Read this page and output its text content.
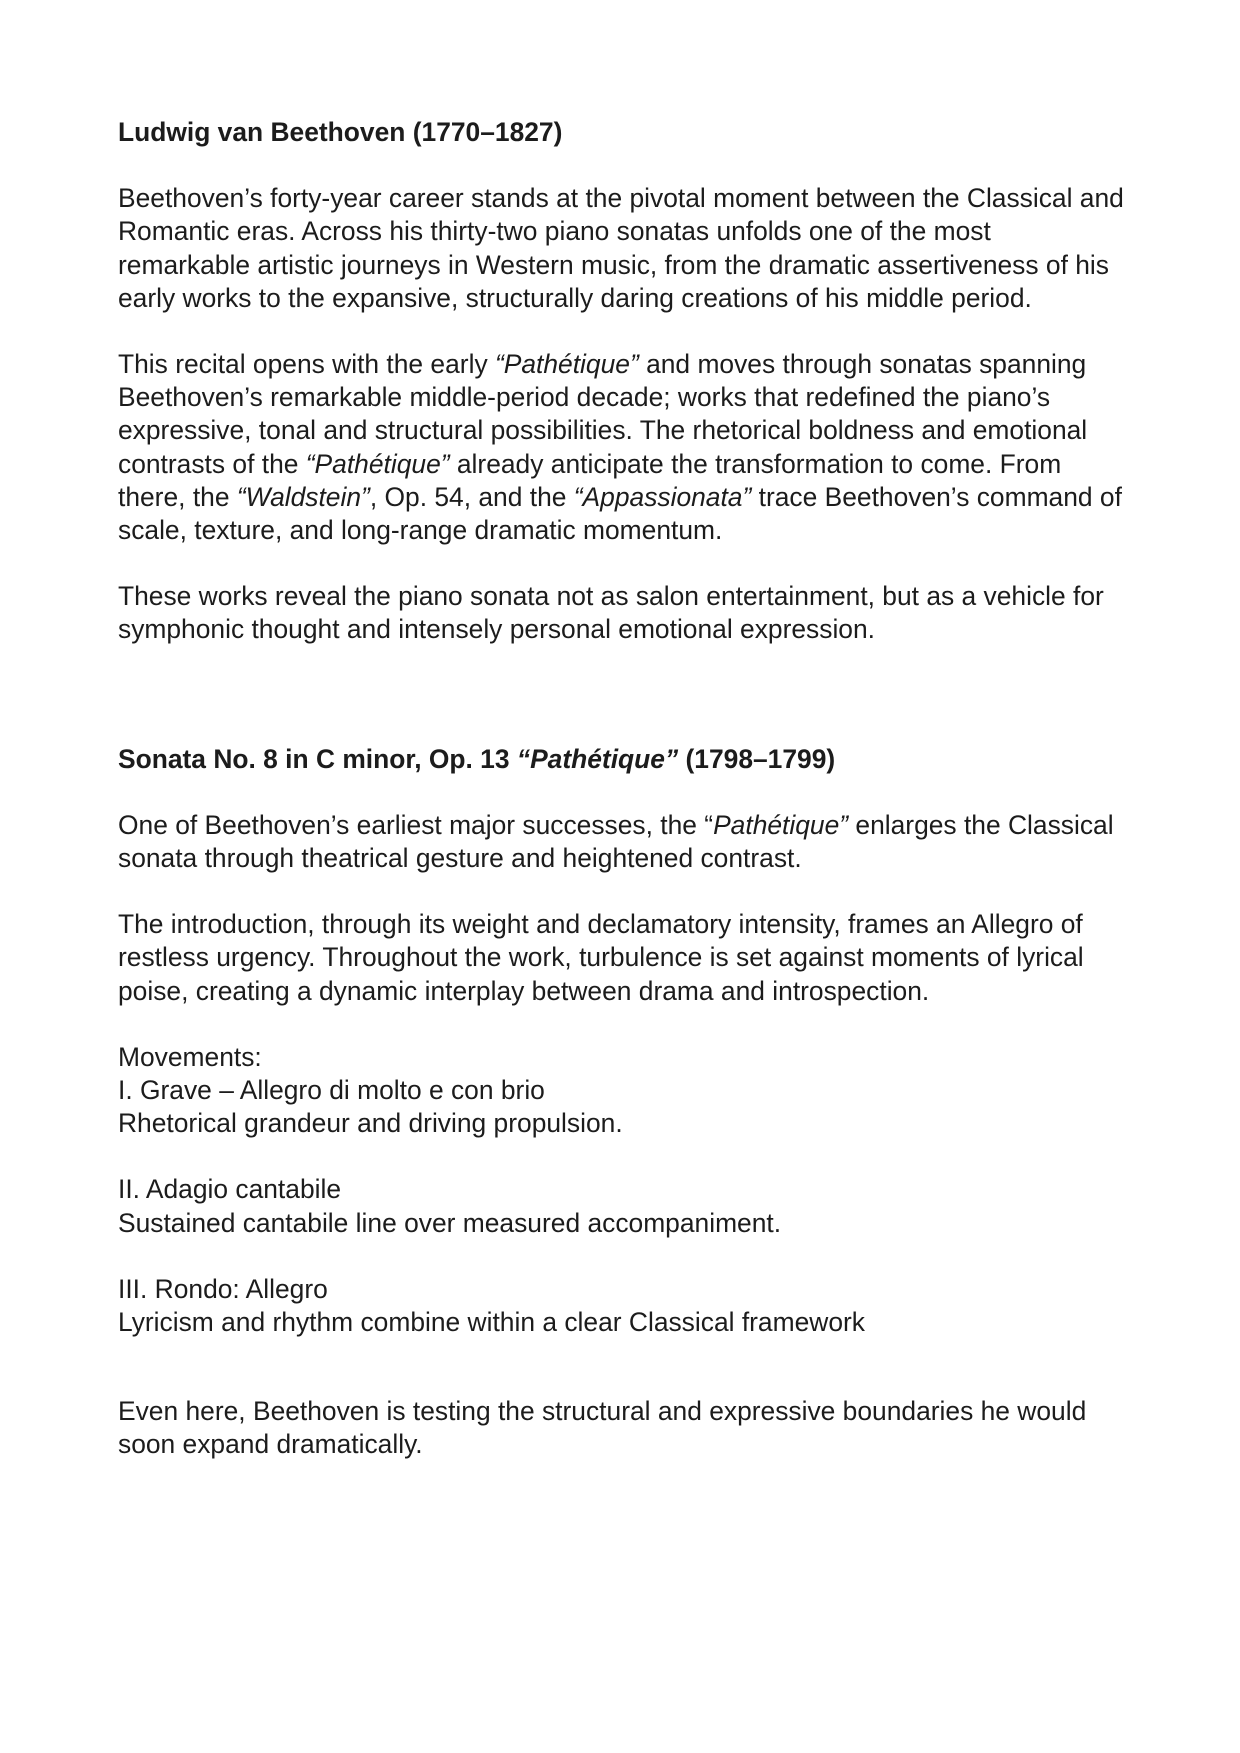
Ludwig van Beethoven (1770–1827)

Beethoven’s forty-year career stands at the pivotal moment between the Classical and Romantic eras. Across his thirty-two piano sonatas unfolds one of the most remarkable artistic journeys in Western music, from the dramatic assertiveness of his early works to the expansive, structurally daring creations of his middle period.

This recital opens with the early “Pathétique” and moves through sonatas spanning Beethoven’s remarkable middle-period decade; works that redefined the piano’s expressive, tonal and structural possibilities. The rhetorical boldness and emotional contrasts of the “Pathétique” already anticipate the transformation to come. From there, the “Waldstein”, Op. 54, and the “Appassionata” trace Beethoven’s command of scale, texture, and long-range dramatic momentum.

These works reveal the piano sonata not as salon entertainment, but as a vehicle for symphonic thought and intensely personal emotional expression.

Sonata No. 8 in C minor, Op. 13 “Pathétique” (1798–1799)

One of Beethoven’s earliest major successes, the “Pathétique” enlarges the Classical sonata through theatrical gesture and heightened contrast.

The introduction, through its weight and declamatory intensity, frames an Allegro of restless urgency. Throughout the work, turbulence is set against moments of lyrical poise, creating a dynamic interplay between drama and introspection.

Movements:

I. Grave – Allegro di molto e con brio

Rhetorical grandeur and driving propulsion.

II. Adagio cantabile

Sustained cantabile line over measured accompaniment.

III. Rondo: Allegro

Lyricism and rhythm combine within a clear Classical framework

Even here, Beethoven is testing the structural and expressive boundaries he would soon expand dramatically.
